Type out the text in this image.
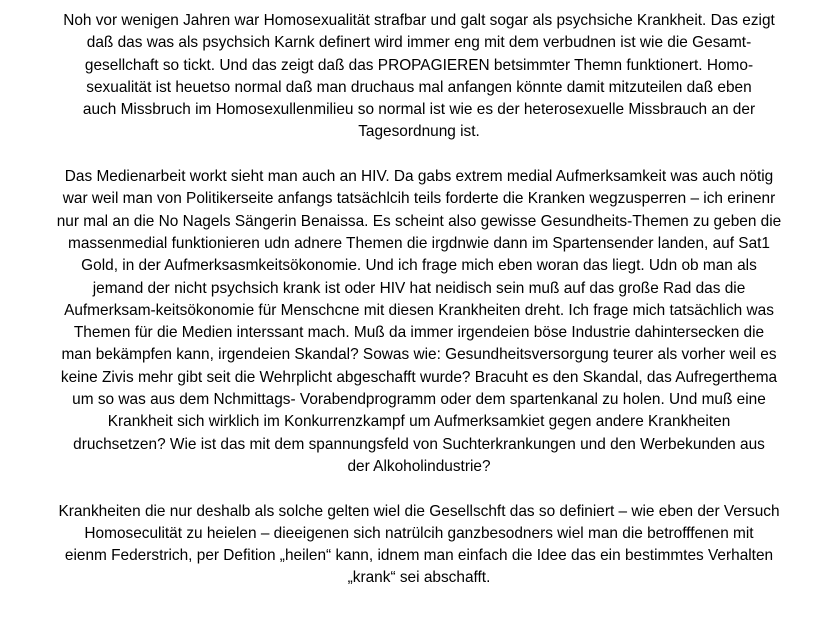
Noh vor wenigen Jahren war Homosexualität strafbar und galt sogar als psychsiche Krankheit. Das ezigt
daß das was als psychsich Karnk definert wird immer eng mit dem verbudnen ist wie die Gesamt-
gesellchaft so tickt. Und das zeigt daß das PROPAGIEREN betsimmter Themn funktionert. Homo-
sexualität ist heuetso normal daß man druchaus mal anfangen könnte damit mitzuteilen daß eben
auch Missbruch im Homosexullenmilieu so normal ist wie es der heterosexuelle Missbrauch an der
Tagesordnung ist.
Das Medienarbeit workt sieht man auch an HIV. Da gabs extrem medial Aufmerksamkeit was auch nötig
war weil man von Politikerseite anfangs tatsächlcih teils forderte die Kranken wegzusperren – ich erinenr
nur mal an die No Nagels Sängerin Benaissa. Es scheint also gewisse Gesundheits-Themen zu geben die
massenmedial funktionieren udn adnere Themen die irgdnwie dann im Spartensender landen, auf Sat1
Gold, in der Aufmerksasmkeitsökonomie. Und ich frage mich eben woran das liegt. Udn ob man als
jemand der nicht psychsich krank ist oder HIV hat neidisch sein muß auf das große Rad das die
Aufmerksam-keitsökonomie für Menschcne mit diesen Krankheiten dreht. Ich frage mich tatsächlich was
Themen für die Medien interssant mach. Muß da immer irgendeien böse Industrie dahintersecken die
man bekämpfen kann, irgendeien Skandal? Sowas wie: Gesundheitsversorgung teurer als vorher weil es
keine Zivis mehr gibt seit die Wehrplicht abgeschafft wurde? Bracuht es den Skandal, das Aufregerthema
um so was aus dem Nchmittags- Vorabendprogramm oder dem spartenkanal zu holen. Und muß eine
Krankheit sich wirklich im Konkurrenzkampf um Aufmerksamkiet gegen andere Krankheiten
druchsetzen? Wie ist das mit dem spannungsfeld von Suchterkrankungen und den Werbekunden aus
der Alkoholindustrie?
Krankheiten die nur deshalb als solche gelten wiel die Gesellschft das so definiert – wie eben der Versuch
Homoseculität zu heielen – dieeigenen sich natrülcih ganzbesodners wiel man die betrofffenen mit
eienm Federstrich, per Defition „heilen“ kann, idnem man einfach die Idee das ein bestimmtes Verhalten
„krank“ sei abschafft.
